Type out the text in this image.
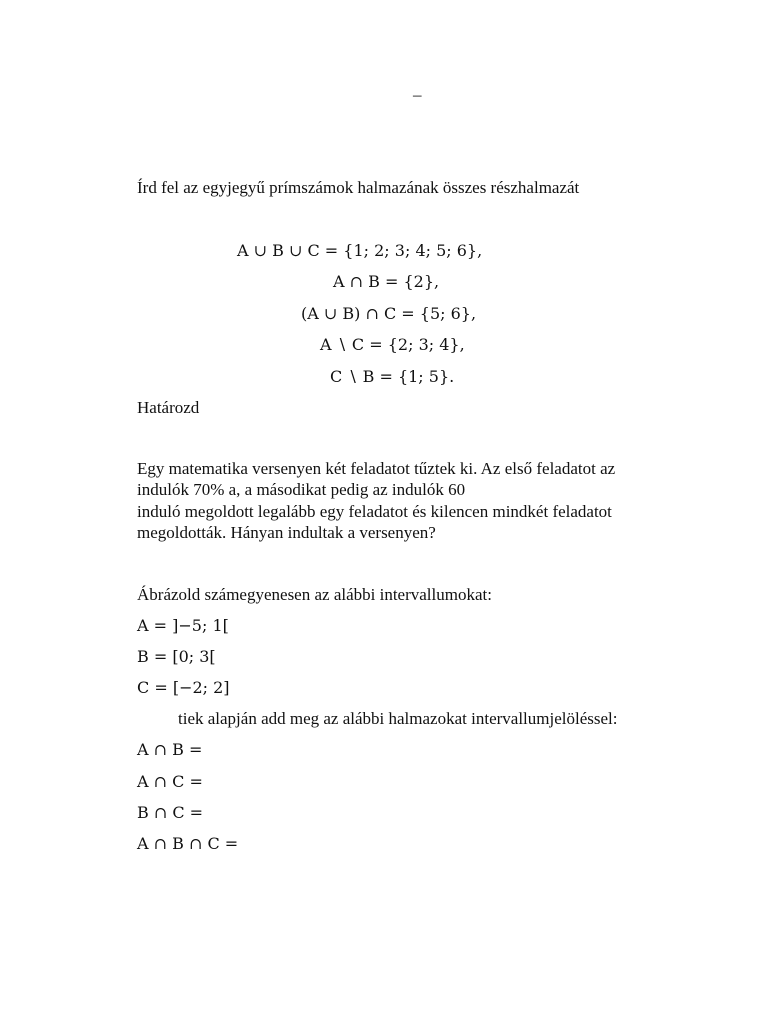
–
Írd fel az egyjegyű prímszámok halmazának összes részhalmazát
A ∪ B ∪ C = {1; 2; 3; 4; 5; 6},
A ∩ B = {2},
(A ∪ B) ∩ C = {5; 6},
A ∖ C = {2; 3; 4},
C ∖ B = {1; 5}.
Határozd
Egy matematika versenyen két feladatot tűztek ki. Az első feladatot az
indulók 70% a, a másodikat pedig az indulók 60
induló megoldott legalább egy feladatot és kilencen mindkét feladatot
megoldották. Hányan indultak a versenyen?
Ábrázold számegyenesen az alábbi intervallumokat:
A = ]−5; 1[
B = [0; 3[
C = [−2; 2]
tiek alapján add meg az alábbi halmazokat intervallumjelöléssel:
A ∩ B =
A ∩ C =
B ∩ C =
A ∩ B ∩ C =
